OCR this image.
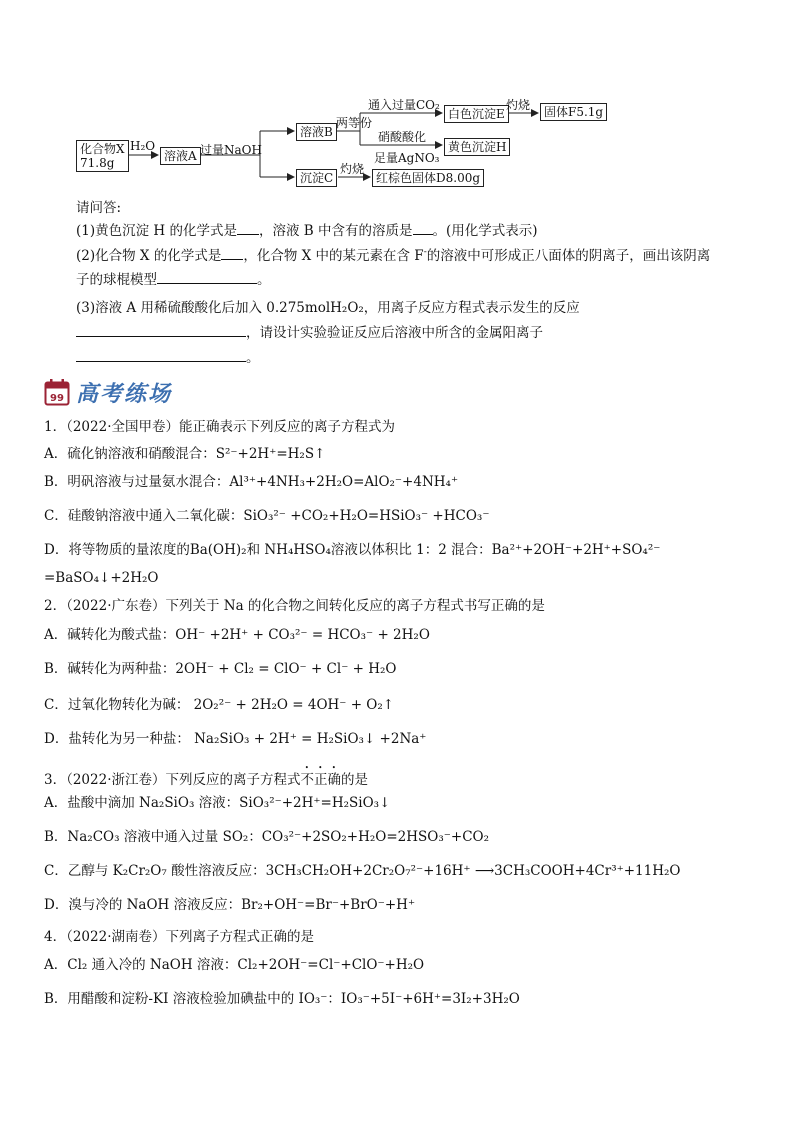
化合物X
71.8g
H₂O
溶液A 过量NaOH
溶液B
两等份
通入过量CO₂
白色沉淀E
灼烧	固体F5.1g
硝酸酸化
足量AgNO₃
黄色沉淀H
沉淀C
灼烧
红棕色固体D8.00g
请问答:
(1)黄色沉淀 H 的化学式是 ，溶液 B 中含有的溶质是 。(用化学式表示)
(2)化合物 X 的化学式是 ，化合物 X 中的某元素在含 F-的溶液中可形成正八面体的阴离子，画出该阴离
子的球棍模型	。
(3)溶液 A 用稀硫酸酸化后加入 0.275molH₂O₂，用离子反应方程式表示发生的反应
，请设计实验验证反应后溶液中所含的金属阳离子
。
99 高考练场
1．（2022·全国甲卷）能正确表示下列反应的离子方程式为
A．硫化钠溶液和硝酸混合：S²⁻+2H⁺=H₂S↑
B．明矾溶液与过量氨水混合：Al³⁺+4NH₃+2H₂O=AlO₂⁻+4NH₄⁺
C．硅酸钠溶液中通入二氧化碳：SiO₃²⁻ +CO₂+H₂O=HSiO₃⁻ +HCO₃⁻
D．将等物质的量浓度的Ba(OH)₂和 NH₄HSO₄溶液以体积比 1：2 混合：Ba²⁺+2OH⁻+2H⁺+SO₄²⁻
=BaSO₄↓+2H₂O
2．（2022·广东卷）下列关于 Na 的化合物之间转化反应的离子方程式书写正确的是
A．碱转化为酸式盐：OH⁻ +2H⁺ + CO₃²⁻ = HCO₃⁻ + 2H₂O
B．碱转化为两种盐：2OH⁻ + Cl₂ = ClO⁻ + Cl⁻ + H₂O
C．过氧化物转化为碱： 2O₂²⁻ + 2H₂O = 4OH⁻ + O₂↑
D．盐转化为另一种盐： Na₂SiO₃ + 2H⁺ = H₂SiO₃↓ +2Na⁺
3．（2022·浙江卷）下列反应的离子方程式不正确的是
A．盐酸中滴加 Na₂SiO₃ 溶液：SiO₃²⁻+2H⁺=H₂SiO₃↓
B．Na₂CO₃ 溶液中通入过量 SO₂：CO₃²⁻+2SO₂+H₂O=2HSO₃⁻+CO₂
C．乙醇与 K₂Cr₂O₇ 酸性溶液反应：3CH₃CH₂OH+2Cr₂O₇²⁻+16H⁺ ⟶3CH₃COOH+4Cr³⁺+11H₂O
D．溴与冷的 NaOH 溶液反应：Br₂+OH⁻=Br⁻+BrO⁻+H⁺
4．（2022·湖南卷）下列离子方程式正确的是
A．Cl₂ 通入冷的 NaOH 溶液：Cl₂+2OH⁻=Cl⁻+ClO⁻+H₂O
B．用醋酸和淀粉-KI 溶液检验加碘盐中的 IO₃⁻：IO₃⁻+5I⁻+6H⁺=3I₂+3H₂O
